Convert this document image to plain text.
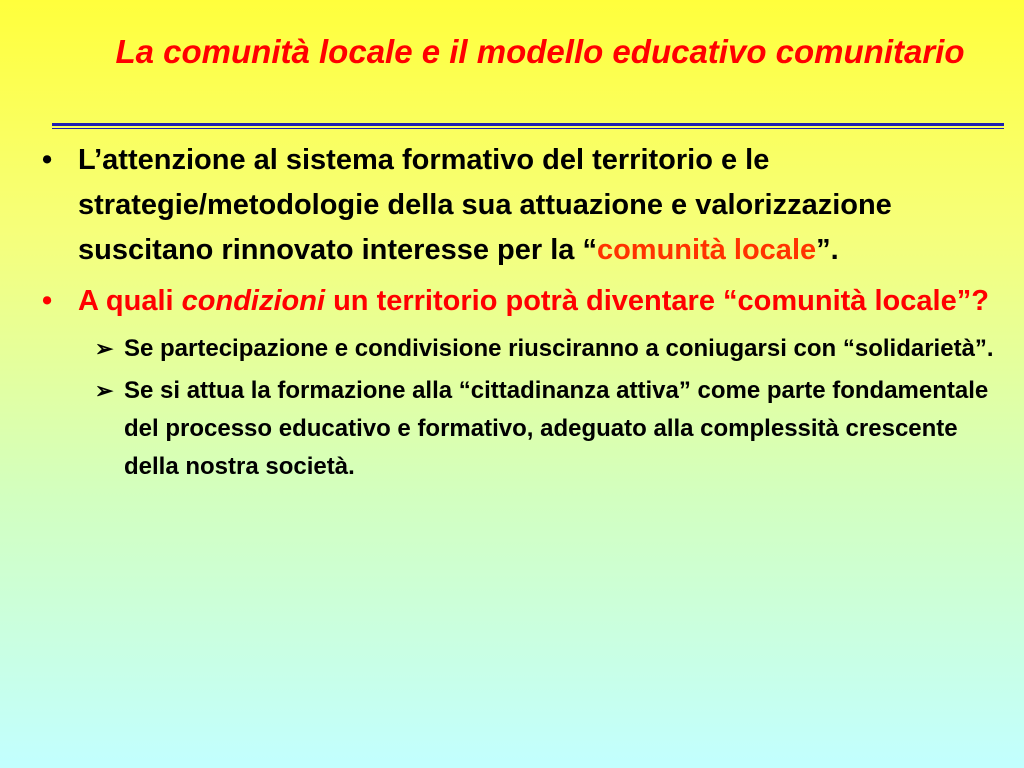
La comunità locale e il modello educativo comunitario
• L’attenzione al sistema formativo del territorio e le strategie/metodologie della sua attuazione e valorizzazione suscitano rinnovato interesse per la “comunità locale”.
• A quali condizioni un territorio potrà diventare “comunità locale”?
➢ Se partecipazione e condivisione riusciranno a coniugarsi con “solidarietà”.
➢ Se si attua la formazione alla “cittadinanza attiva” come parte fondamentale del processo educativo e formativo, adeguato alla complessità crescente della nostra società.
